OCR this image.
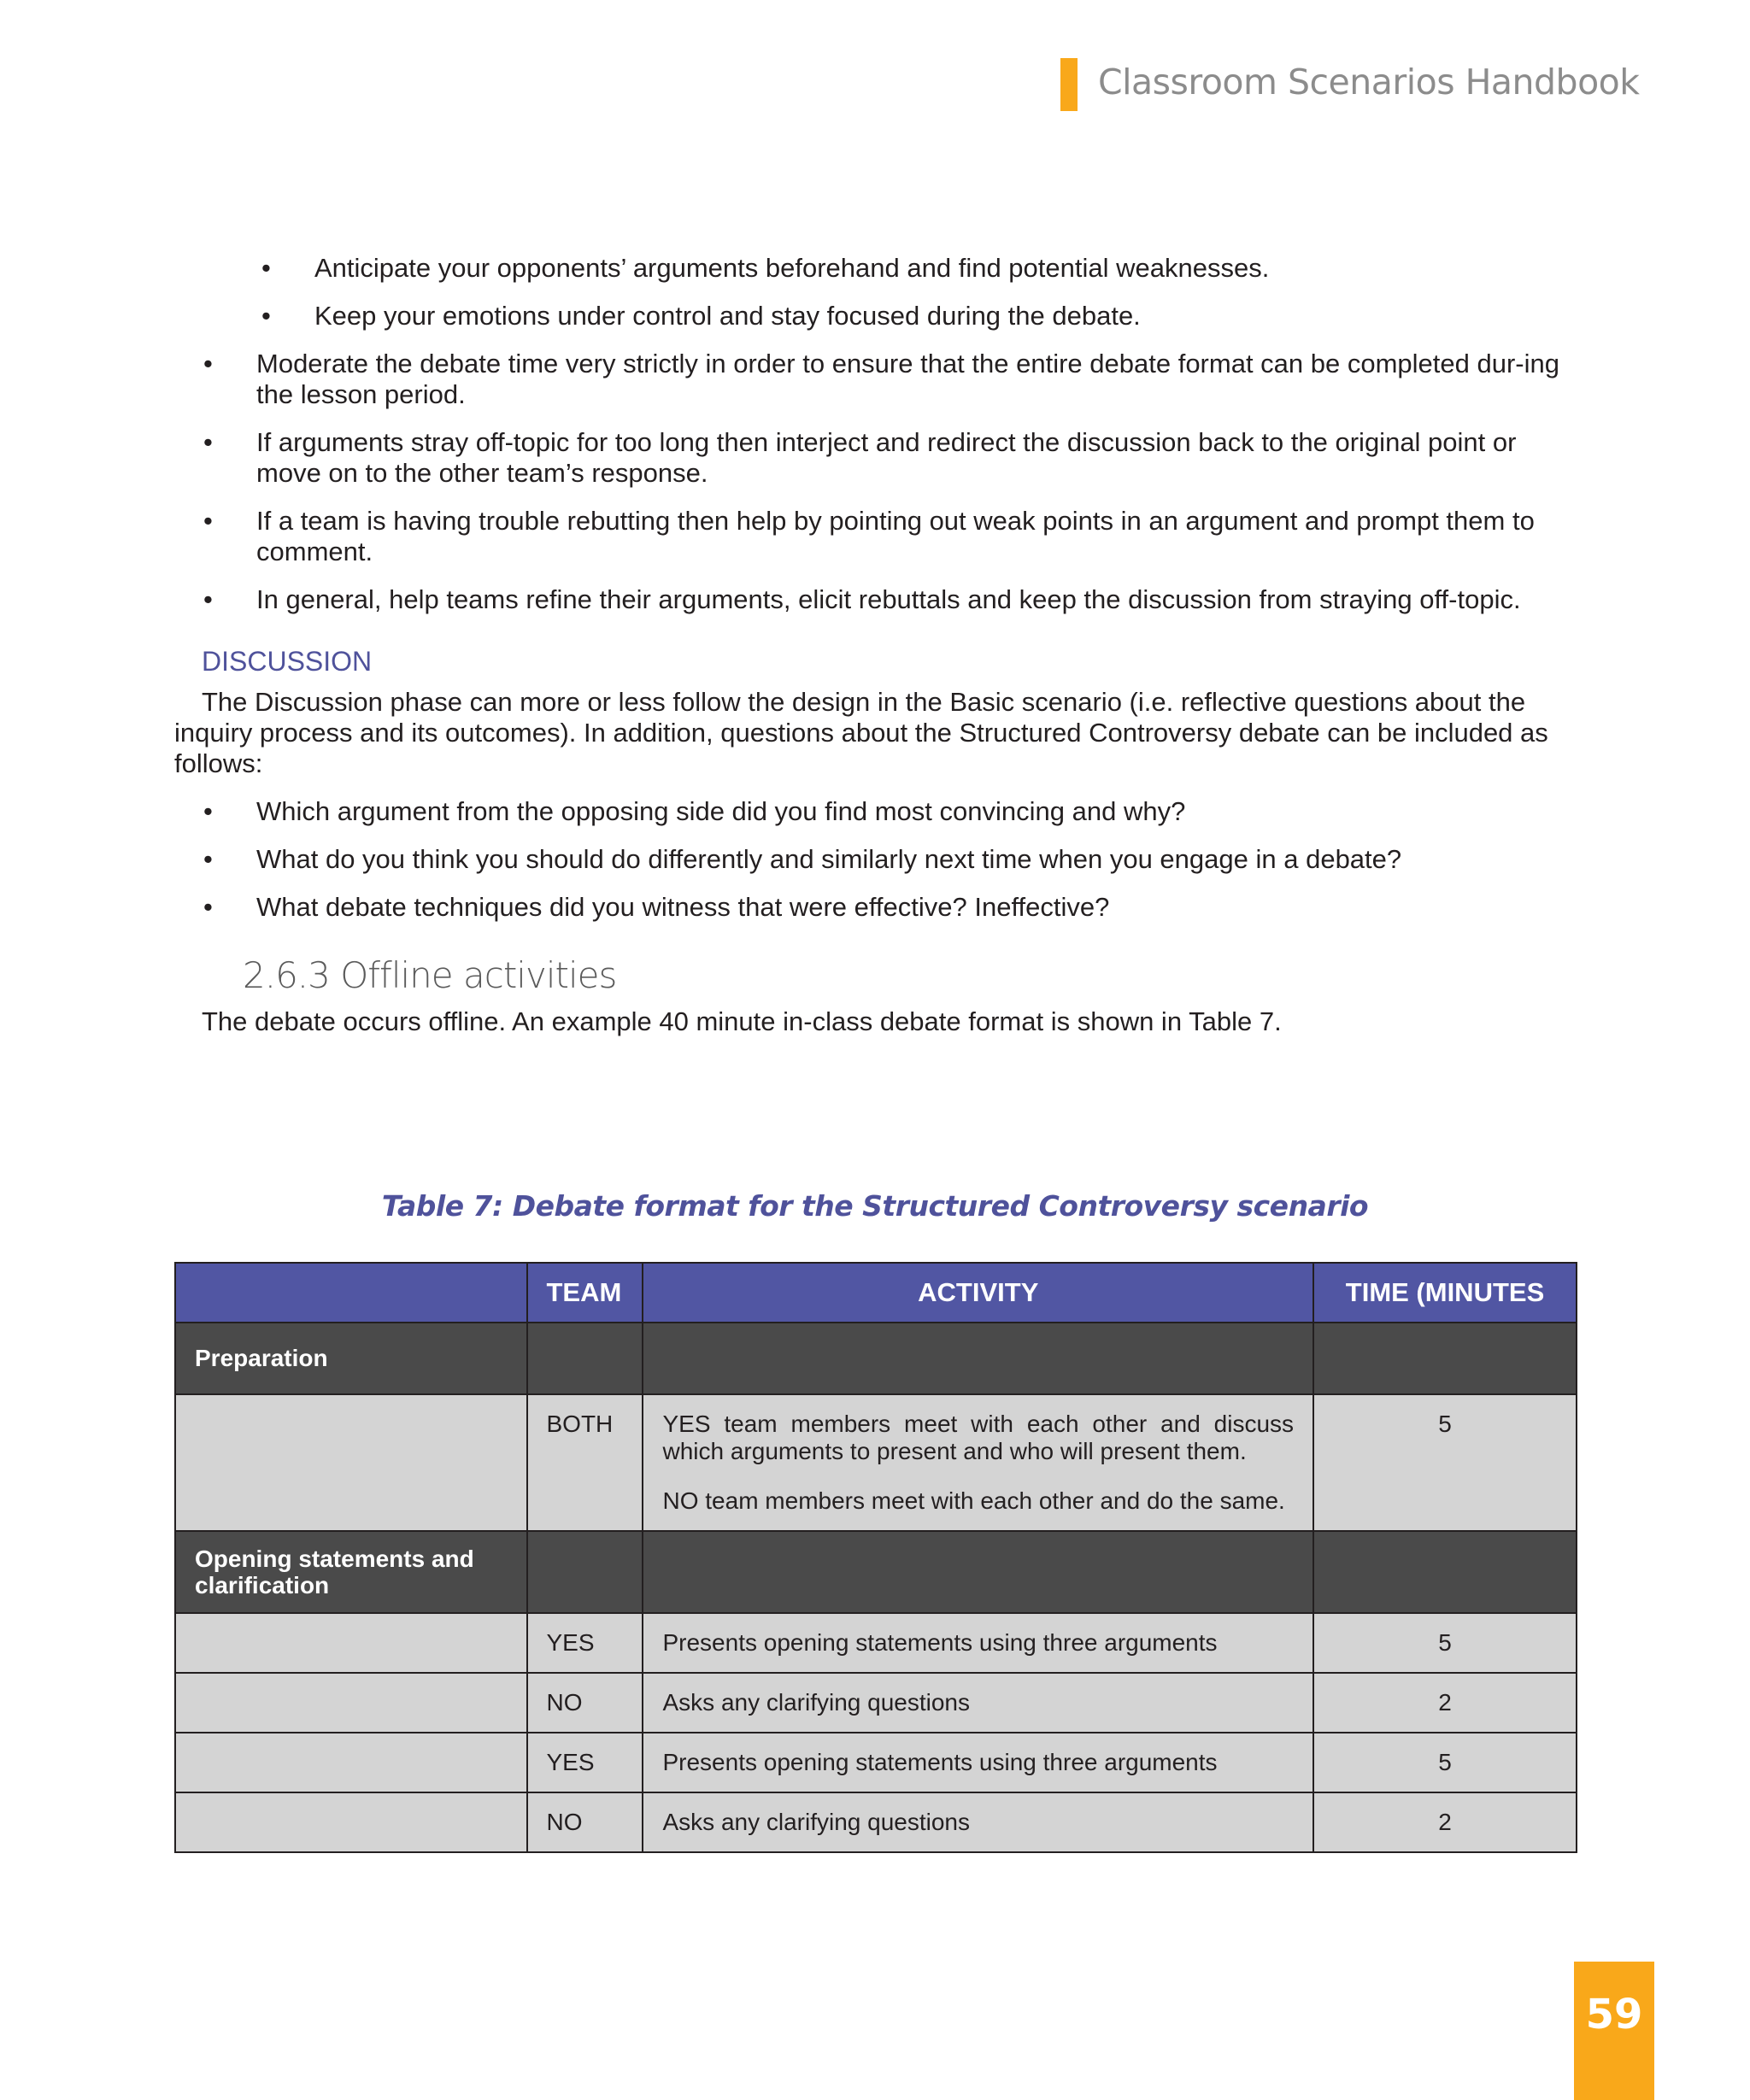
Classroom Scenarios Handbook
• Anticipate your opponents’ arguments beforehand and find potential weaknesses.
• Keep your emotions under control and stay focused during the debate.
• Moderate the debate time very strictly in order to ensure that the entire debate format can be completed dur-ing the lesson period.
• If arguments stray off-topic for too long then interject and redirect the discussion back to the original point or move on to the other team’s response.
• If a team is having trouble rebutting then help by pointing out weak points in an argument and prompt them to comment.
• In general, help teams refine their arguments, elicit rebuttals and keep the discussion from straying off-topic.
DISCUSSION

The Discussion phase can more or less follow the design in the Basic scenario (i.e. reflective questions about the inquiry process and its outcomes). In addition, questions about the Structured Controversy debate can be included as follows:

• Which argument from the opposing side did you find most convincing and why?
• What do you think you should do differently and similarly next time when you engage in a debate?
• What debate techniques did you witness that were effective? Ineffective?
2.6.3 Offline activities

The debate occurs offline. An example 40 minute in-class debate format is shown in Table 7.

Table 7: Debate format for the Structured Controversy scenario
	TEAM	ACTIVITY	TIME (MINUTES
Preparation			
	BOTH	YES team members meet with each other and discuss which arguments to present and who will present them.

NO team members meet with each other and do the same.	5
Opening statements and clarification			
	YES	Presents opening statements using three arguments	5
	NO	Asks any clarifying questions	2
	YES	Presents opening statements using three arguments	5
	NO	Asks any clarifying questions	2
59
